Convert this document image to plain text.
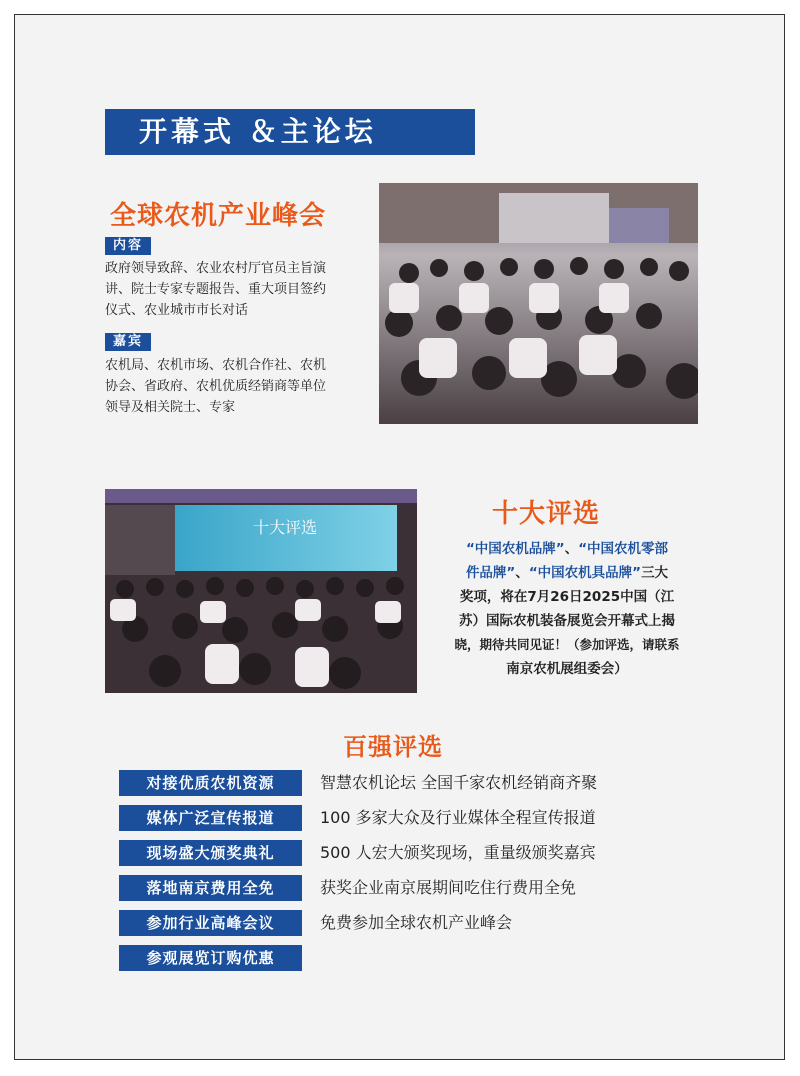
开幕式 ＆主论坛
全球农机产业峰会
内容
政府领导致辞、农业农村厅官员主旨演
讲、院士专家专题报告、重大项目签约
仪式、农业城市市长对话
嘉宾
农机局、农机市场、农机合作社、农机
协会、省政府、农机优质经销商等单位
领导及相关院士、专家
十大评选	十大评选
“中国农机品牌”、“中国农机零部
件品牌”、“中国农机具品牌”三大
奖项，将在7月26日2025中国（江
苏）国际农机装备展览会开幕式上揭
晓，期待共同见证！（参加评选，请联系
南京农机展组委会）
百强评选
对接优质农机资源	智慧农机论坛 全国千家农机经销商齐聚
媒体广泛宣传报道	100 多家大众及行业媒体全程宣传报道
现场盛大颁奖典礼	500 人宏大颁奖现场，重量级颁奖嘉宾
落地南京费用全免	获奖企业南京展期间吃住行费用全免
参加行业高峰会议	免费参加全球农机产业峰会
参观展览订购优惠
